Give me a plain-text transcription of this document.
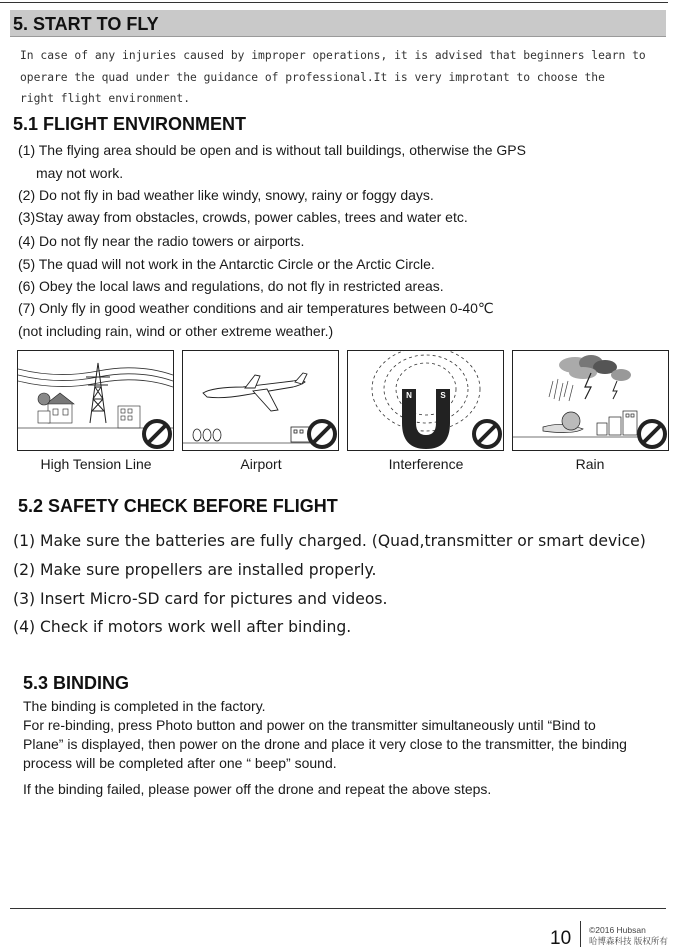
5. START TO FLY
In case of any injuries caused by improper operations, it is advised that beginners learn to
operare the quad under the guidance of professional.It is very improtant to choose the
right flight environment.
5.1 FLIGHT ENVIRONMENT
(1) The flying area should be open and is without tall buildings, otherwise the GPS
may not work.
(2) Do not fly in bad weather like windy, snowy, rainy or foggy days.
(3)Stay away from obstacles, crowds, power cables, trees and water etc.
(4) Do not fly near the radio towers or airports.
(5) The quad will not work in the Antarctic Circle or the Arctic Circle.
(6) Obey the local laws and regulations, do not fly in restricted areas.
(7) Only fly in good weather conditions and air temperatures between 0-40℃
(not including rain, wind or other extreme weather.)
N	S
High Tension Line	Airport	Interference	Rain
5.2 SAFETY CHECK BEFORE FLIGHT
(1) Make sure the batteries are fully charged. (Quad,transmitter or smart device)
(2) Make sure propellers are installed properly.
(3) Insert Micro-SD card for pictures and videos.
(4) Check if motors work well after binding.
5.3 BINDING

The binding is completed in the factory.

For re-binding, press Photo button and power on the transmitter simultaneously until “Bind to

Plane” is displayed, then power on the drone and place it very close to the transmitter, the binding

process will be completed after one “ beep” sound.

If the binding failed, please power off the drone and repeat the above steps.

10 ©2016 Hubsan
哈博森科技 版权所有
